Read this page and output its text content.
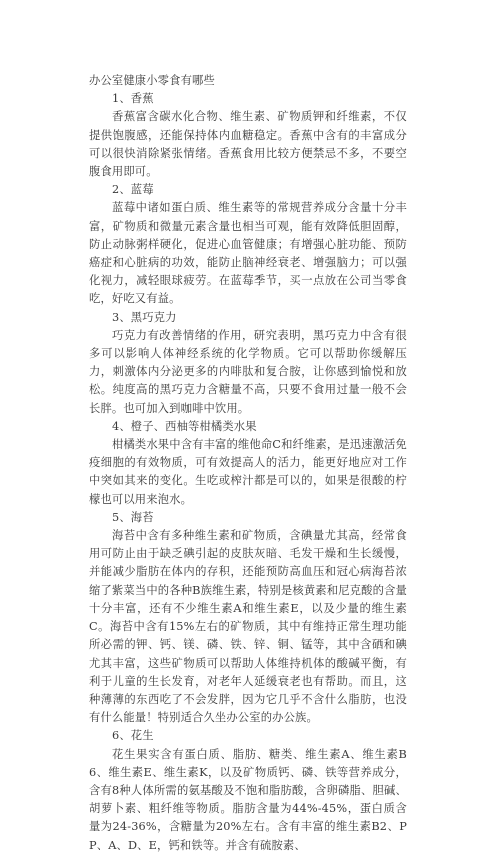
办公室健康小零食有哪些

1、香蕉

香蕉富含碳水化合物、维生素、矿物质钾和纤维素，不仅提供饱腹感，还能保持体内血糖稳定。香蕉中含有的丰富成分可以很快消除紧张情绪。香蕉食用比较方便禁忌不多，不要空腹食用即可。

2、蓝莓

蓝莓中诸如蛋白质、维生素等的常规营养成分含量十分丰富，矿物质和微量元素含量也相当可观，能有效降低胆固醇，防止动脉粥样硬化，促进心血管健康；有增强心脏功能、预防癌症和心脏病的功效，能防止脑神经衰老、增强脑力；可以强化视力，减轻眼球疲劳。在蓝莓季节，买一点放在公司当零食吃，好吃又有益。

3、黑巧克力

巧克力有改善情绪的作用，研究表明，黑巧克力中含有很多可以影响人体神经系统的化学物质。它可以帮助你缓解压力，刺激体内分泌更多的内啡肽和复合胺，让你感到愉悦和放松。纯度高的黑巧克力含糖量不高，只要不食用过量一般不会长胖。也可加入到咖啡中饮用。

4、橙子、西柚等柑橘类水果

柑橘类水果中含有丰富的维他命C和纤维素，是迅速激活免疫细胞的有效物质，可有效提高人的活力，能更好地应对工作中突如其来的变化。生吃或榨汁都是可以的，如果是很酸的柠檬也可以用来泡水。

5、海苔

海苔中含有多种维生素和矿物质，含碘量尤其高，经常食用可防止由于缺乏碘引起的皮肤灰暗、毛发干燥和生长缓慢，并能减少脂肪在体内的存积，还能预防高血压和冠心病海苔浓缩了紫菜当中的各种B族维生素，特别是核黄素和尼克酸的含量十分丰富，还有不少维生素A和维生素E，以及少量的维生素C。海苔中含有15%左右的矿物质，其中有维持正常生理功能所必需的钾、钙、镁、磷、铁、锌、铜、锰等，其中含硒和碘尤其丰富，这些矿物质可以帮助人体维持机体的酸碱平衡，有利于儿童的生长发育，对老年人延缓衰老也有帮助。而且，这种薄薄的东西吃了不会发胖，因为它几乎不含什么脂肪，也没有什么能量！特别适合久坐办公室的办公族。

6、花生

花生果实含有蛋白质、脂肪、糖类、维生素A、维生素B6、维生素E、维生素K，以及矿物质钙、磷、铁等营养成分，含有8种人体所需的氨基酸及不饱和脂肪酸，含卵磷脂、胆碱、胡萝卜素、粗纤维等物质。脂肪含量为44%-45%，蛋白质含量为24-36%，含糖量为20%左右。含有丰富的维生素B2、PP、A、D、E，钙和铁等。并含有硫胺素、
